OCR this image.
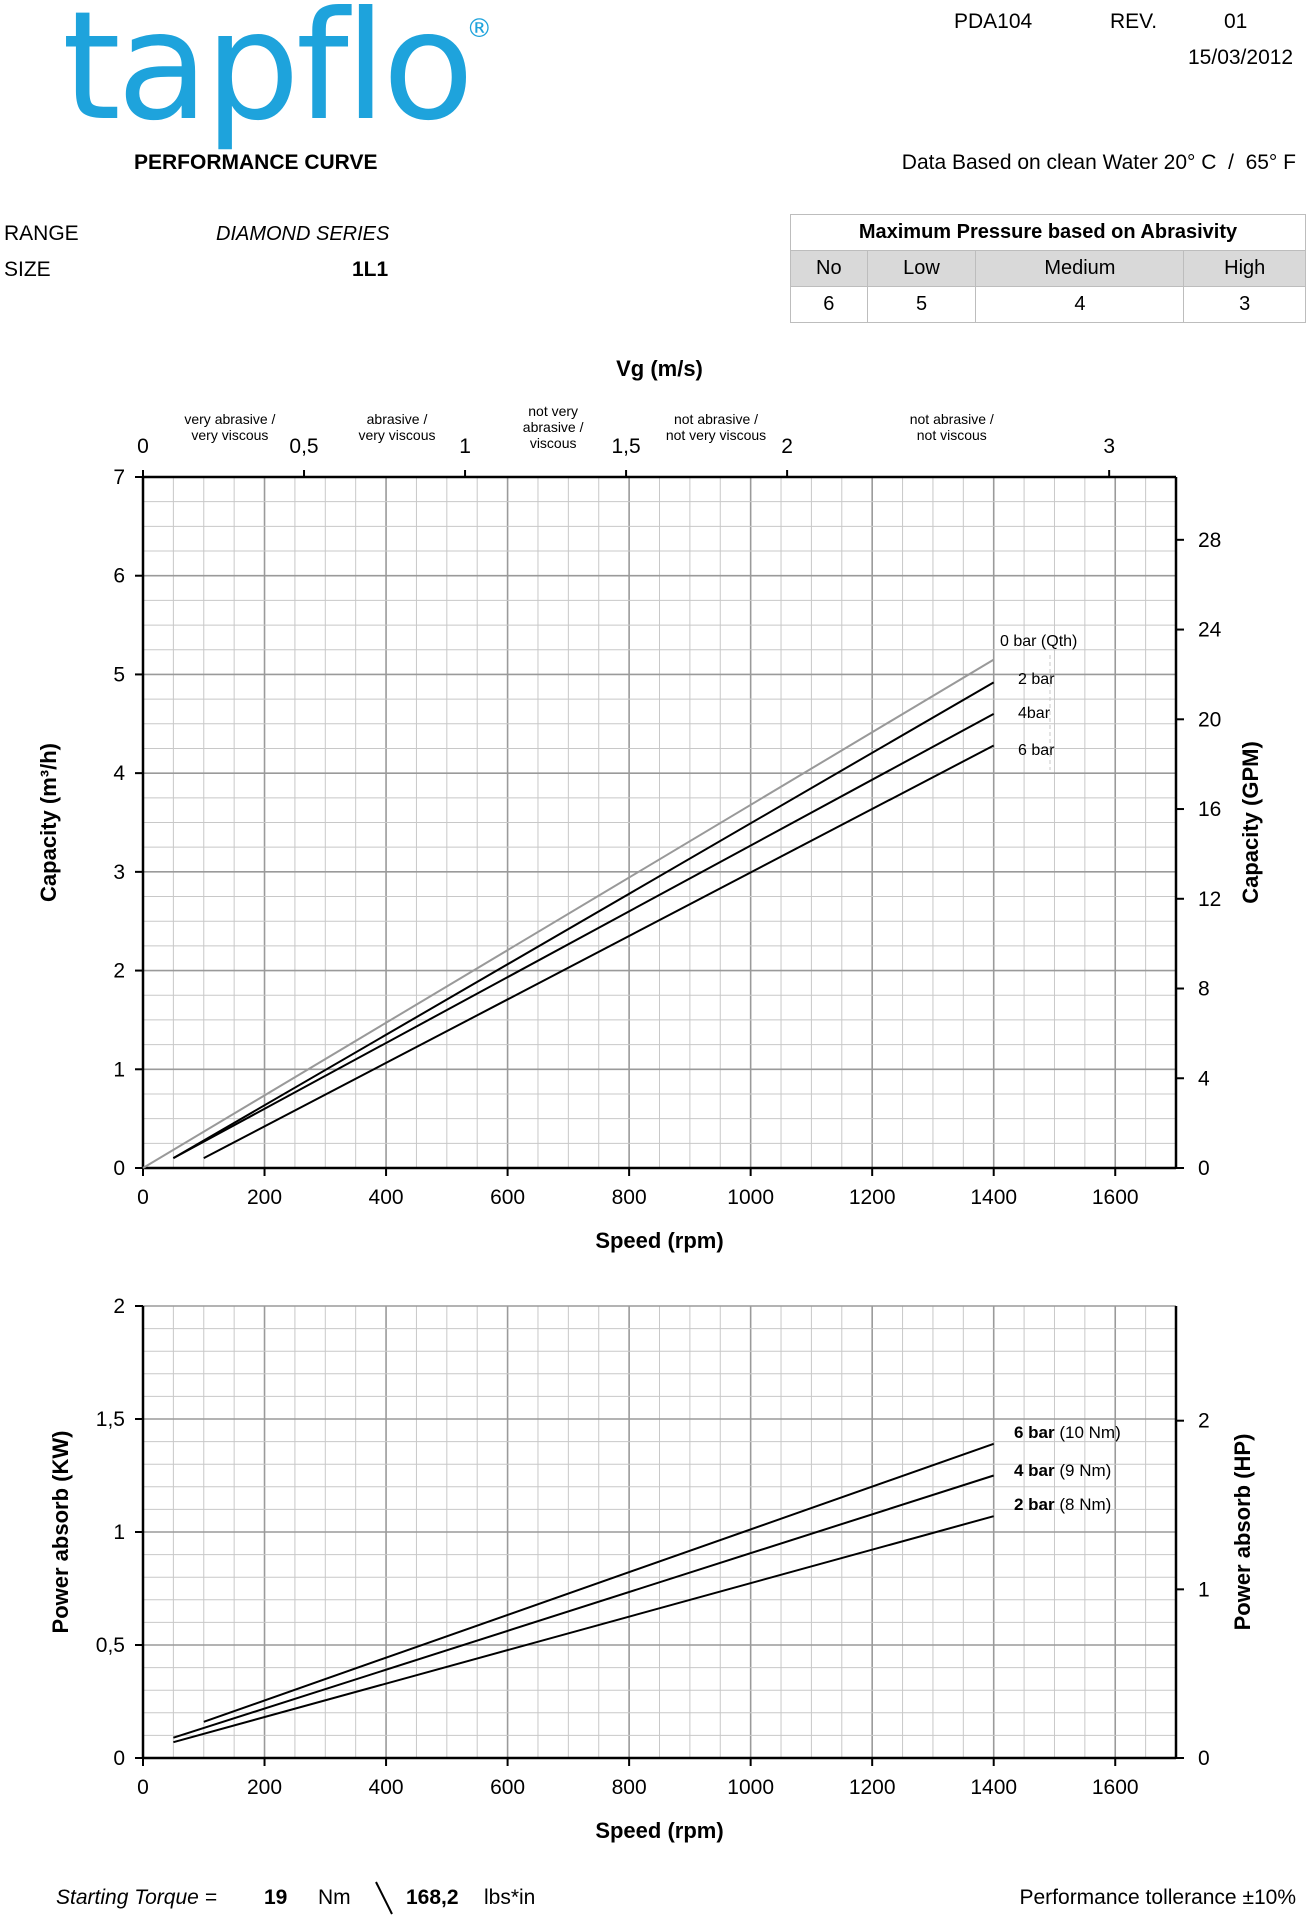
tapflo
®	PDA104	REV.	01
15/03/2012
PERFORMANCE CURVE	Data Based on clean Water 20° C  /  65° F
RANGE	DIAMOND SERIES
SIZE	1L1
Maximum Pressure based on Abrasivity			
No	Low	Medium	High
6	5	4	3
0	200	400	600	800	1000	1200	1400	1600
0
1
2
3
4
5
6
7
0
4
8
12
16
20
24
28
Speed (rpm)
Capacity (m³/h)	Capacity (GPM)
0 bar (Qth)
2 bar
4bar
6 bar
Vg (m/s)
0	0,5	1	1,5	2	3
very abrasive /
very viscous
abrasive /
very viscous
not very
abrasive /
viscous
not abrasive /
not very viscous
not abrasive /
not viscous
0	200	400	600	800	1000	1200	1400	1600
0
0,5
1
1,5
2
0
1
2
Speed (rpm)
Power absorb (KW)	Power absorb (HP)
6 bar (10 Nm)
4 bar (9 Nm)
2 bar (8 Nm)
Starting Torque = 19 Nm	168,2 lbs*in	Performance tollerance ±10%
